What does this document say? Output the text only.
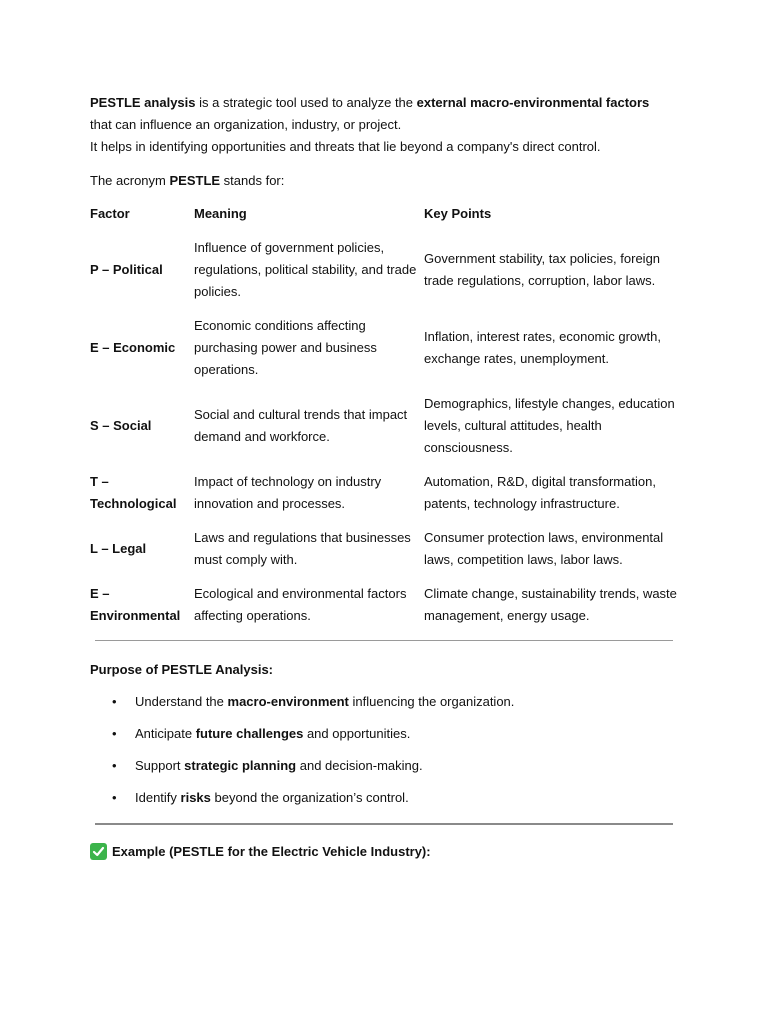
PESTLE analysis is a strategic tool used to analyze the external macro-environmental factors
that can influence an organization, industry, or project.
It helps in identifying opportunities and threats that lie beyond a company's direct control.

The acronym PESTLE stands for:

Factor	Meaning	Key Points
P – Political	Influence of government policies, regulations, political stability, and trade policies.	Government stability, tax policies, foreign trade regulations, corruption, labor laws.
E – Economic	Economic conditions affecting purchasing power and business operations.	Inflation, interest rates, economic growth, exchange rates, unemployment.
S – Social	Social and cultural trends that impact demand and workforce.	Demographics, lifestyle changes, education levels, cultural attitudes, health consciousness.
T – Technological	Impact of technology on industry innovation and processes.	Automation, R&D, digital transformation, patents, technology infrastructure.
L – Legal	Laws and regulations that businesses must comply with.	Consumer protection laws, environmental laws, competition laws, labor laws.
E – Environmental	Ecological and environmental factors affecting operations.	Climate change, sustainability trends, waste management, energy usage.

Purpose of PESTLE Analysis:

• Understand the macro-environment influencing the organization.
• Anticipate future challenges and opportunities.
• Support strategic planning and decision-making.
• Identify risks beyond the organization’s control.
Example (PESTLE for the Electric Vehicle Industry):
